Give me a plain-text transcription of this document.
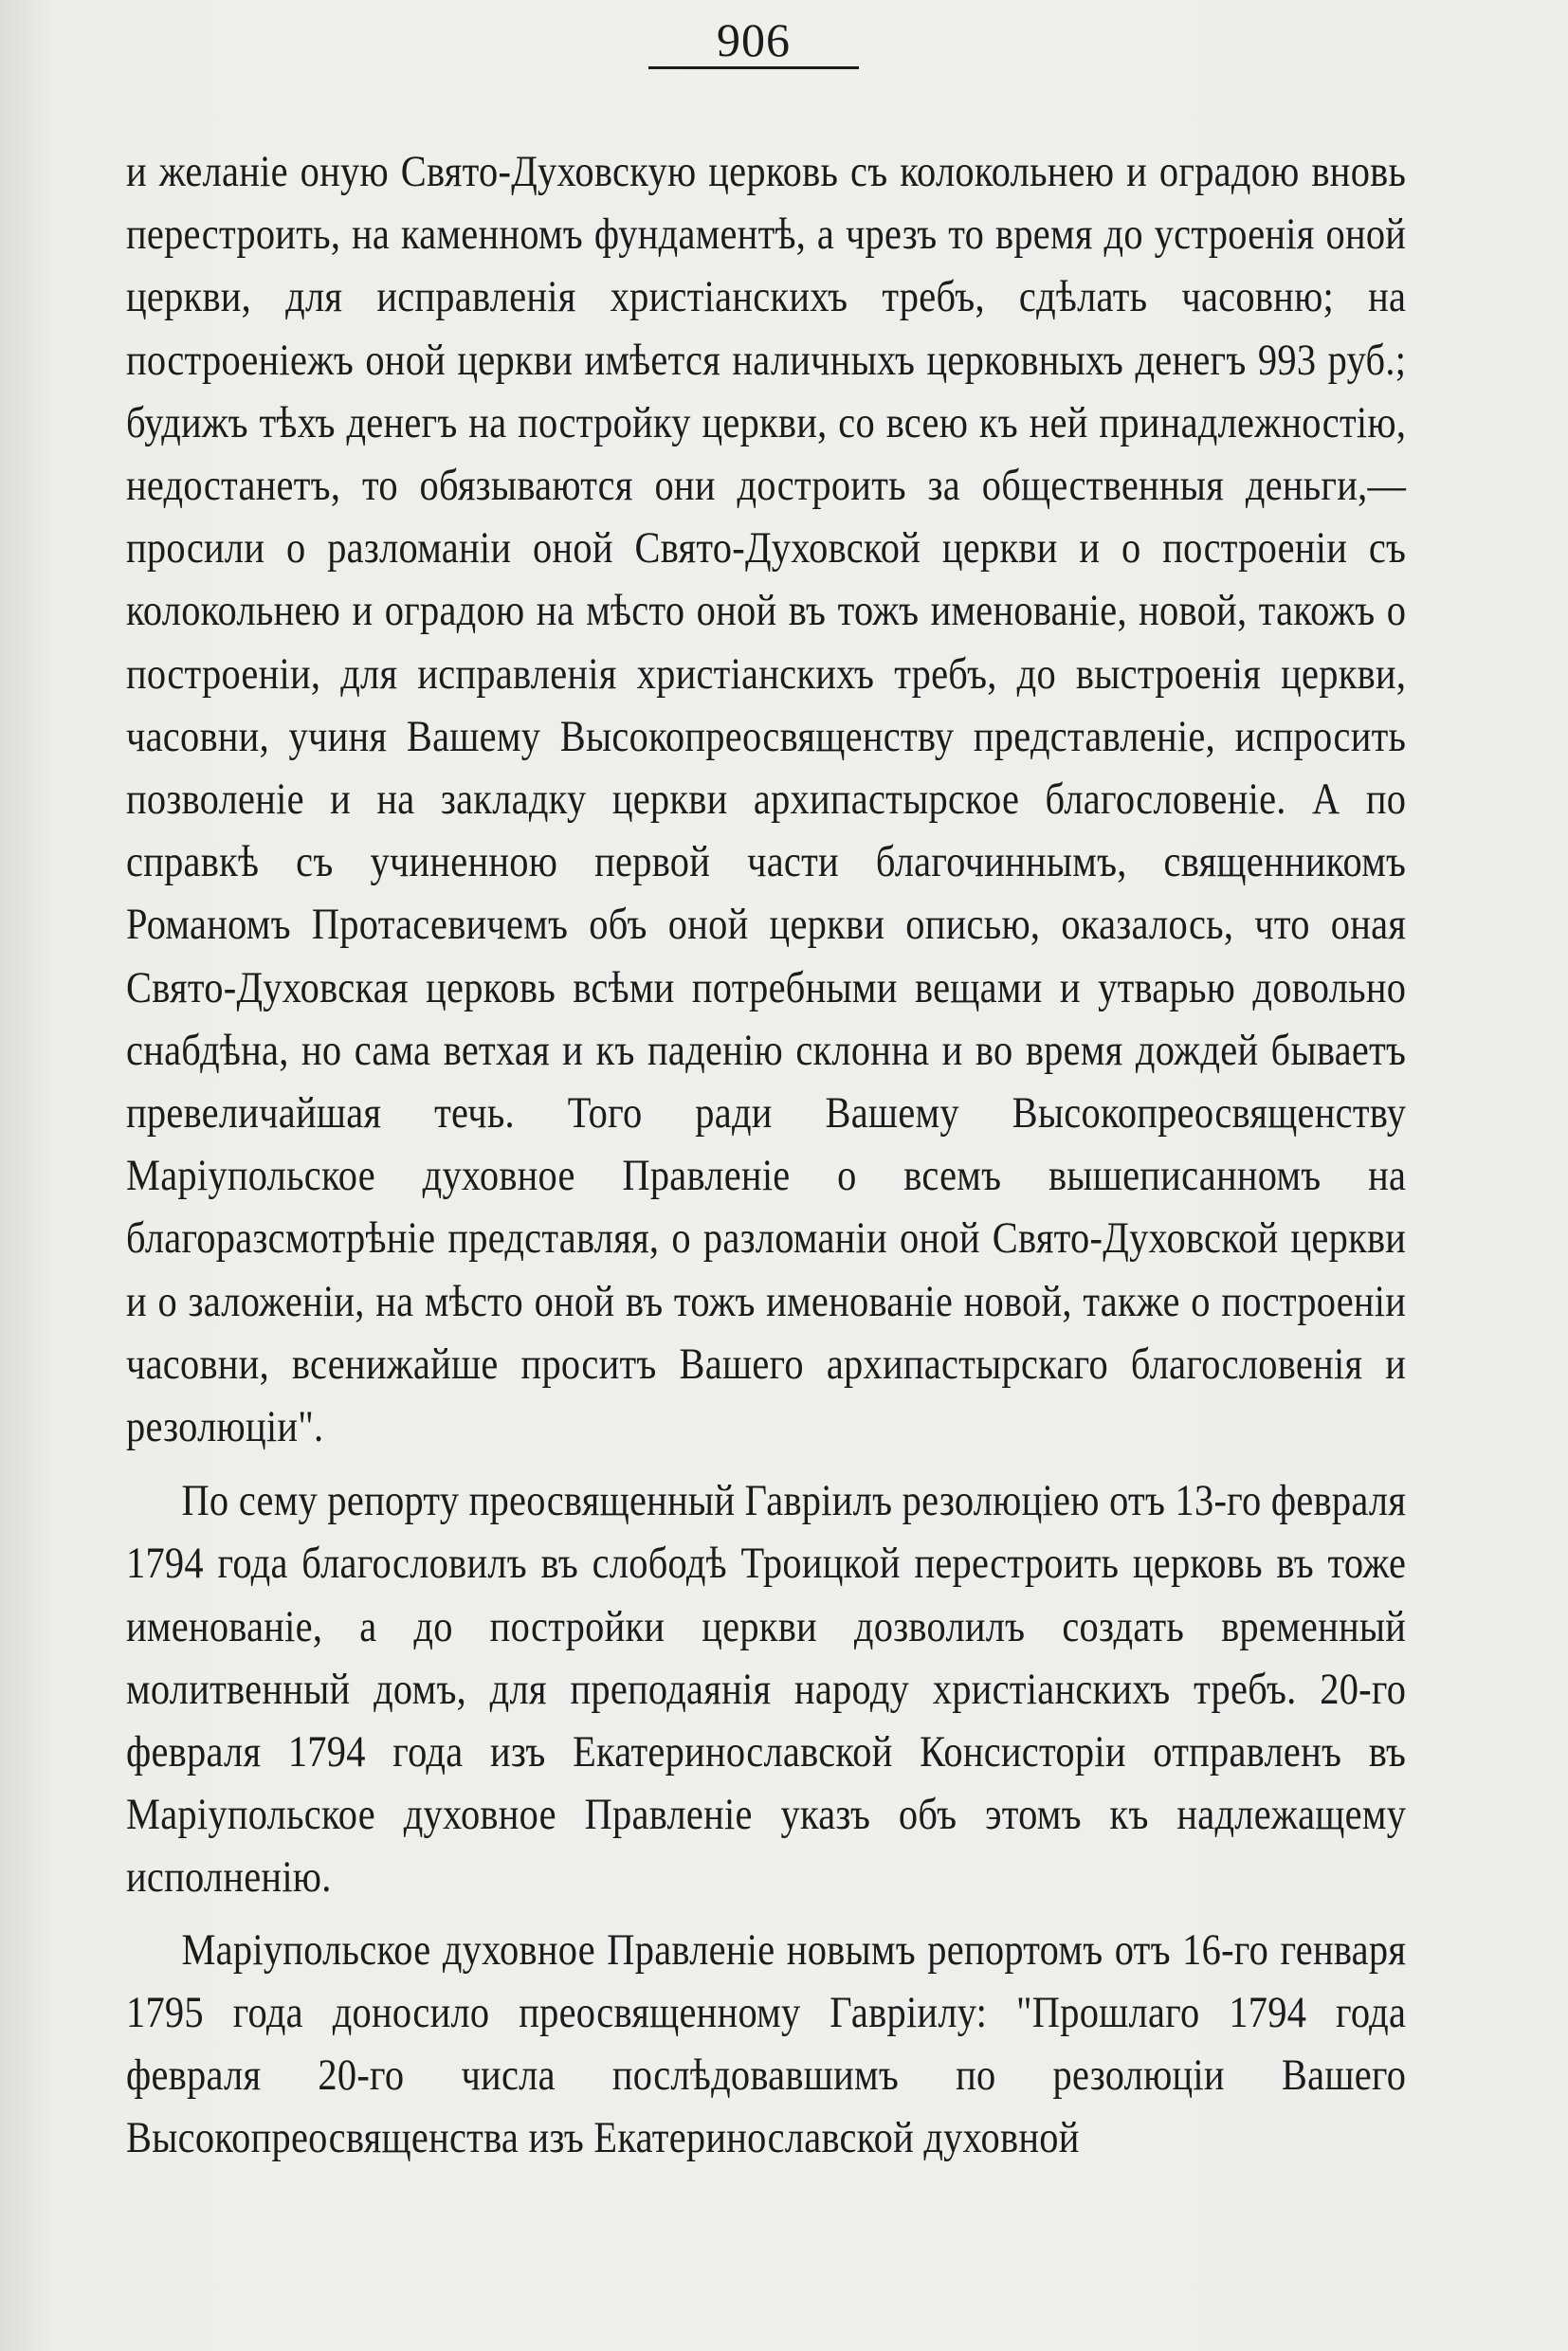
906

и желаніе оную Свято-Духовскую церковь съ колокольнею и оградою вновь перестроить, на каменномъ фундаментѣ, а чрезъ то время до устроенія оной церкви, для исправленія христіанскихъ требъ, сдѣлать часовню; на построеніежъ оной церкви имѣется наличныхъ церковныхъ денегъ 993 руб.; будижъ тѣхъ денегъ на постройку церкви, со всею къ ней принадлежностію, недостанетъ, то обязываются они достроить за общественныя деньги,—просили о разломаніи оной Свято-Духовской церкви и о построеніи съ колокольнею и оградою на мѣсто оной въ тожъ именованіе, новой, такожъ о построеніи, для исправленія христіанскихъ требъ, до выстроенія церкви, часовни, учиня Вашему Высокопреосвященству представленіе, испросить позволеніе и на закладку церкви архипастырское благословеніе. А по справкѣ съ учиненною первой части благочиннымъ, священникомъ Романомъ Протасевичемъ объ оной церкви описью, оказалось, что оная Свято-Духовская церковь всѣми потребными вещами и утварью довольно снабдѣна, но сама ветхая и къ паденію склонна и во время дождей бываетъ превеличайшая течь. Того ради Вашему Высокопреосвященству Маріупольское духовное Правленіе о всемъ вышеписанномъ на благоразсмотрѣніе представляя, о разломаніи оной Свято-Духовской церкви и о заложеніи, на мѣсто оной въ тожъ именованіе новой, также о построеніи часовни, всенижайше проситъ Вашего архипастырскаго благословенія и резолюціи".

По сему репорту преосвященный Гавріилъ резолюціею отъ 13-го февраля 1794 года благословилъ въ слободѣ Троицкой перестроить церковь въ тоже именованіе, а до постройки церкви дозволилъ создать временный молитвенный домъ, для преподаянія народу христіанскихъ требъ. 20-го февраля 1794 года изъ Екатеринославской Консисторіи отправленъ въ Маріупольское духовное Правленіе указъ объ этомъ къ надлежащему исполненію.

Маріупольское духовное Правленіе новымъ репортомъ отъ 16-го генваря 1795 года доносило преосвященному Гавріилу: "Прошлаго 1794 года февраля 20-го числа послѣдовавшимъ по резолюціи Вашего Высокопреосвященства изъ Екатеринославской духовной
